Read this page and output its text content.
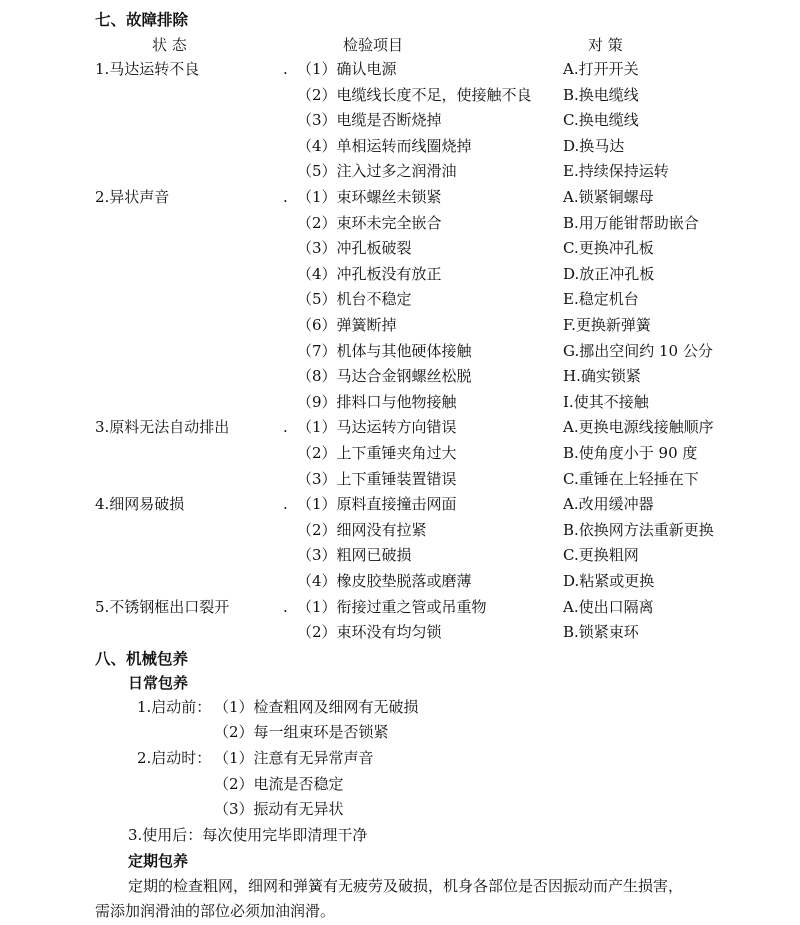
七、故障排除
状 态	检验项目	对 策
1.马达运转不良	. （1）确认电源	A.打开开关
（2）电缆线长度不足，使接触不良 B.换电缆线
（3）电缆是否断烧掉	C.换电缆线
（4）单相运转而线圈烧掉	D.换马达
（5）注入过多之润滑油	E.持续保持运转
2.异状声音	. （1）束环螺丝未锁紧	A.锁紧铜螺母
（2）束环未完全嵌合	B.用万能钳帮助嵌合
（3）冲孔板破裂	C.更换冲孔板
（4）冲孔板没有放正	D.放正冲孔板
（5）机台不稳定	E.稳定机台
（6）弹簧断掉	F.更换新弹簧
（7）机体与其他硬体接触	G.挪出空间约 10 公分
（8）马达合金钢螺丝松脱	H.确实锁紧
（9）排料口与他物接触	I.使其不接触
3.原料无法自动排出	. （1）马达运转方向错误	A.更换电源线接触顺序
（2）上下重锤夹角过大	B.使角度小于 90 度
（3）上下重锤装置错误	C.重锤在上轻捶在下
4.细网易破损	. （1）原料直接撞击网面	A.改用缓冲器
（2）细网没有拉紧	B.依换网方法重新更换
（3）粗网已破损	C.更换粗网
（4）橡皮胶垫脱落或磨薄	D.粘紧或更换
5.不锈钢框出口裂开	. （1）衔接过重之管或吊重物	A.使出口隔离
（2）束环没有均匀锁	B.锁紧束环
八、机械包养
日常包养
1.启动前： （1）检查粗网及细网有无破损
（2）每一组束环是否锁紧
2.启动时： （1）注意有无异常声音
（2）电流是否稳定
（3）振动有无异状
3.使用后：每次使用完毕即清理干净
定期包养
定期的检查粗网，细网和弹簧有无疲劳及破损，机身各部位是否因振动而产生损害，
需添加润滑油的部位必须加油润滑。
